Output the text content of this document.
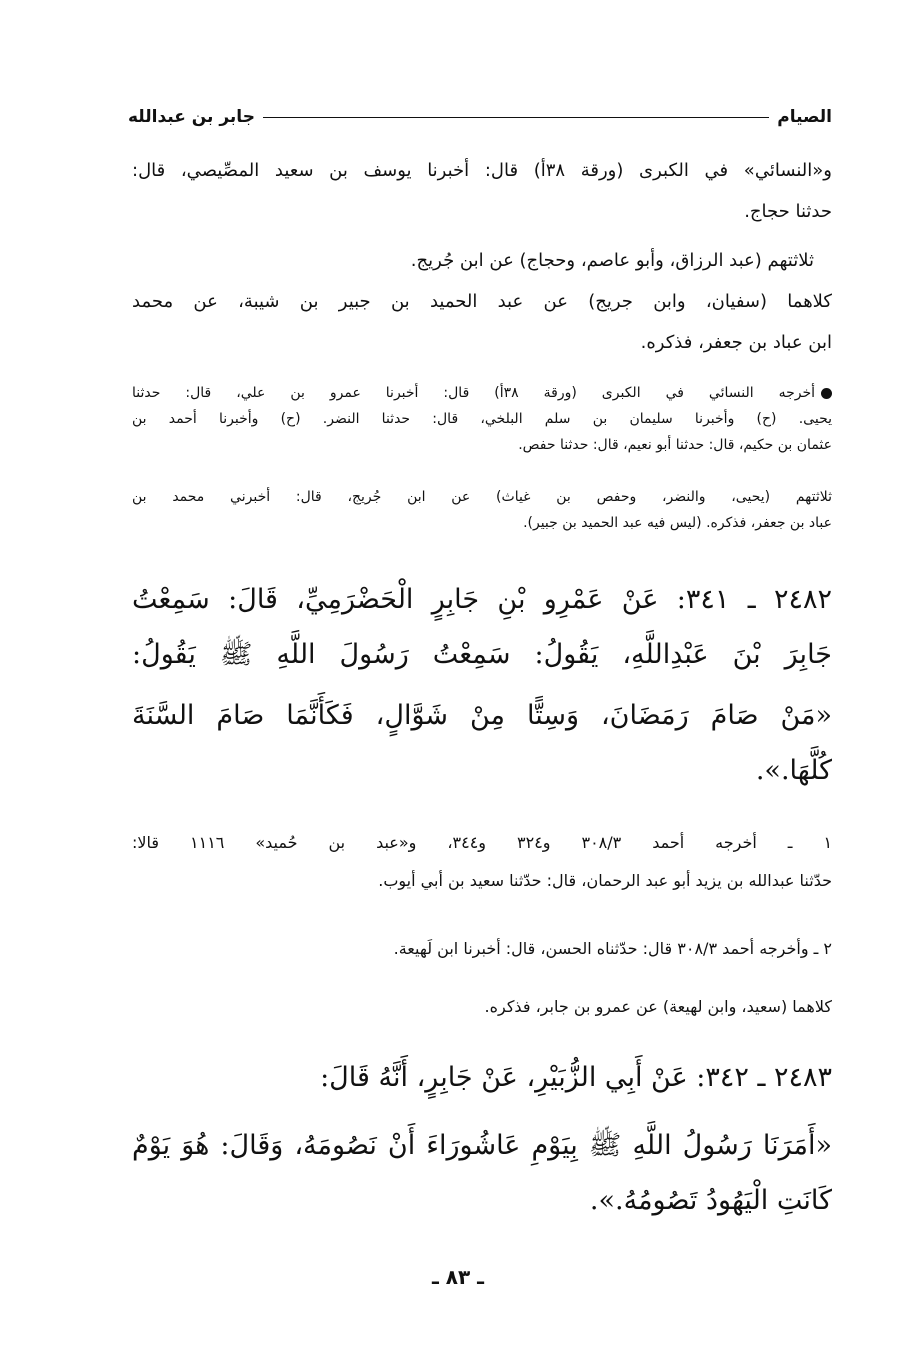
الصيام
جابر بن عبدالله
و«النسائي» في الكبرى (ورقة ٣٨أ) قال: أخبرنا يوسف بن سعيد المصِّيصي، قال:
حدثنا حجاج.
ثلاثتهم (عبد الرزاق، وأبو عاصم، وحجاج) عن ابن جُريج.
كلاهما (سفيان، وابن جريج) عن عبد الحميد بن جبير بن شيبة، عن محمد
ابن عباد بن جعفر، فذكره.
أخرجه النسائي في الكبرى (ورقة ٣٨أ) قال: أخبرنا عمرو بن علي، قال: حدثنا
يحيى. (ح) وأخبرنا سليمان بن سلم البلخي، قال: حدثنا النضر. (ح) وأخبرنا أحمد بن
عثمان بن حكيم، قال: حدثنا أبو نعيم، قال: حدثنا حفص.
ثلاثتهم (يحيى، والنضر، وحفص بن غياث) عن ابن جُريج، قال: أخبرني محمد بن
عباد بن جعفر، فذكره. (ليس فيه عبد الحميد بن جبير).
٢٤٨٢ ـ ٣٤١: عَنْ عَمْرِو بْنِ جَابِرٍ الْحَضْرَمِيِّ، قَالَ: سَمِعْتُ
جَابِرَ بْنَ عَبْدِاللَّهِ، يَقُولُ: سَمِعْتُ رَسُولَ اللَّهِ ﷺ يَقُولُ:
«مَنْ صَامَ رَمَضَانَ، وَسِتًّا مِنْ شَوَّالٍ، فَكَأَنَّمَا صَامَ السَّنَةَ
كُلَّهَا.».
١ ـ أخرجه أحمد ٣٠٨/٣ و٣٢٤ و٣٤٤، و«عبد بن حُميد» ١١١٦ قالا:
حدّثنا عبدالله بن يزيد أبو عبد الرحمان، قال: حدّثنا سعيد بن أبي أيوب.
٢ ـ وأخرجه أحمد ٣٠٨/٣ قال: حدّثناه الحسن، قال: أخبرنا ابن لَهيعة.
كلاهما (سعيد، وابن لهيعة) عن عمرو بن جابر، فذكره.
٢٤٨٣ ـ ٣٤٢: عَنْ أَبِي الزُّبَيْرِ، عَنْ جَابِرٍ، أَنَّهُ قَالَ:
«أَمَرَنَا رَسُولُ اللَّهِ ﷺ بِيَوْمِ عَاشُورَاءَ أَنْ نَصُومَهُ، وَقَالَ: هُوَ يَوْمٌ
كَانَتِ الْيَهُودُ تَصُومُهُ.».
ـ ٨٣ ـ
